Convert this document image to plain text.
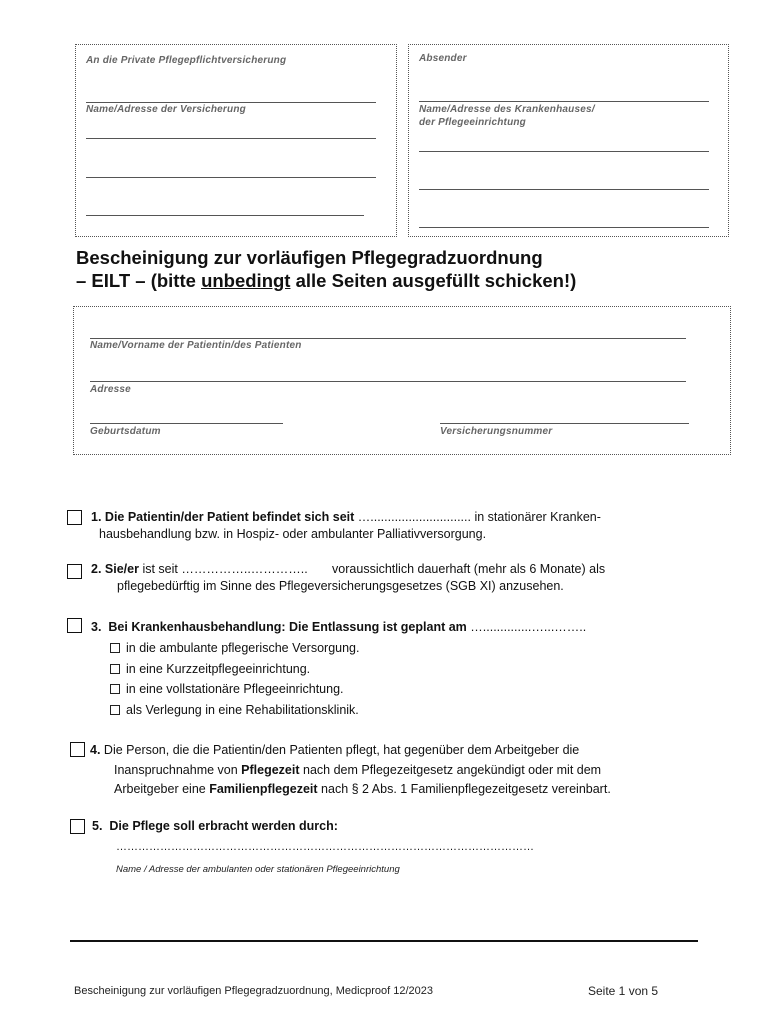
An die Private Pflegepflichtversicherung
Name/Adresse der Versicherung
Absender
Name/Adresse des Krankenhauses/
der Pflegeeinrichtung
Bescheinigung zur vorläufigen Pflegegradzuordnung
– EILT – (bitte unbedingt alle Seiten ausgefüllt schicken!)
Name/Vorname der Patientin/des Patienten
Adresse
Geburtsdatum	Versicherungsnummer
1. Die Patientin/der Patient befindet sich seit …............................. in stationärer Kranken-
hausbehandlung bzw. in Hospiz- oder ambulanter Palliativversorgung.
2. Sie/er ist seit ……………..…………..       voraussichtlich dauerhaft (mehr als 6 Monate) als
pflegebedürftig im Sinne des Pflegeversicherungsgesetzes (SGB XI) anzusehen.
3. Bei Krankenhausbehandlung: Die Entlassung ist geplant am …..............…...……..
in die ambulante pflegerische Versorgung.
in eine Kurzzeitpflegeeinrichtung.
in eine vollstationäre Pflegeeinrichtung.
als Verlegung in eine Rehabilitationsklinik.
4. Die Person, die die Patientin/den Patienten pflegt, hat gegenüber dem Arbeitgeber die
Inanspruchnahme von Pflegezeit nach dem Pflegezeitgesetz angekündigt oder mit dem
Arbeitgeber eine Familienpflegezeit nach § 2 Abs. 1 Familienpflegezeitgesetz vereinbart.
5. Die Pflege soll erbracht werden durch:
……………………………………………………………………………………………………
Name / Adresse der ambulanten oder stationären Pflegeeinrichtung
Bescheinigung zur vorläufigen Pflegegradzuordnung, Medicproof 12/2023	Seite 1 von 5
